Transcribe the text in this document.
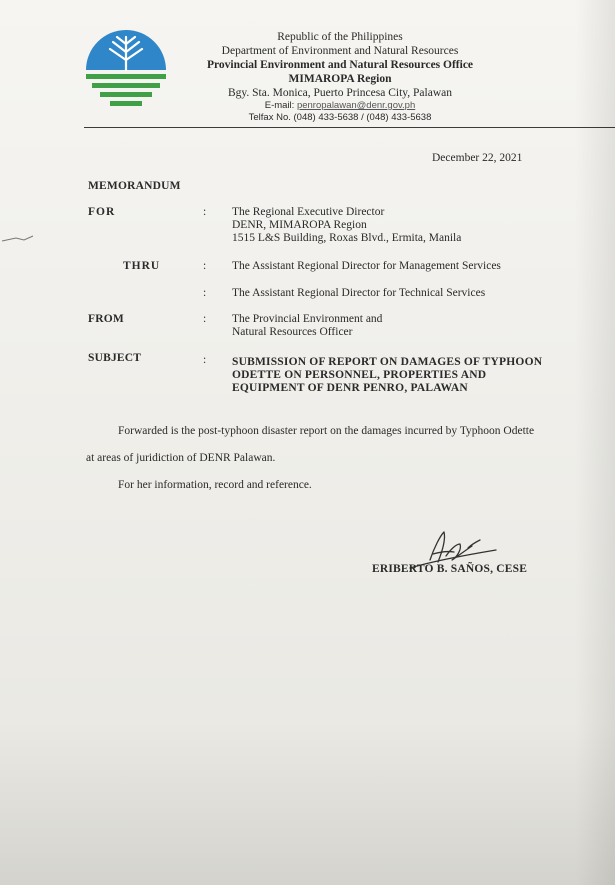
Republic of the Philippines
Department of Environment and Natural Resources
Provincial Environment and Natural Resources Office
MIMAROPA Region
Bgy. Sta. Monica, Puerto Princesa City, Palawan
E-mail: penropalawan@denr.gov.ph
Telfax No. (048) 433-5638 / (048) 433-5638
December 22, 2021
MEMORANDUM
FOR	: The Regional Executive Director
DENR, MIMAROPA Region
1515 L&S Building, Roxas Blvd., Ermita, Manila
THRU	: The Assistant Regional Director for Management Services
: The Assistant Regional Director for Technical Services
FROM	: The Provincial Environment and
Natural Resources Officer
SUBJECT	: SUBMISSION OF REPORT ON DAMAGES OF TYPHOON
ODETTE ON PERSONNEL, PROPERTIES AND
EQUIPMENT OF DENR PENRO, PALAWAN
Forwarded is the post-typhoon disaster report on the damages incurred by Typhoon Odette
at areas of juridiction of DENR Palawan.
For her information, record and reference.
ERIBERTO B. SAÑOS, CESE
